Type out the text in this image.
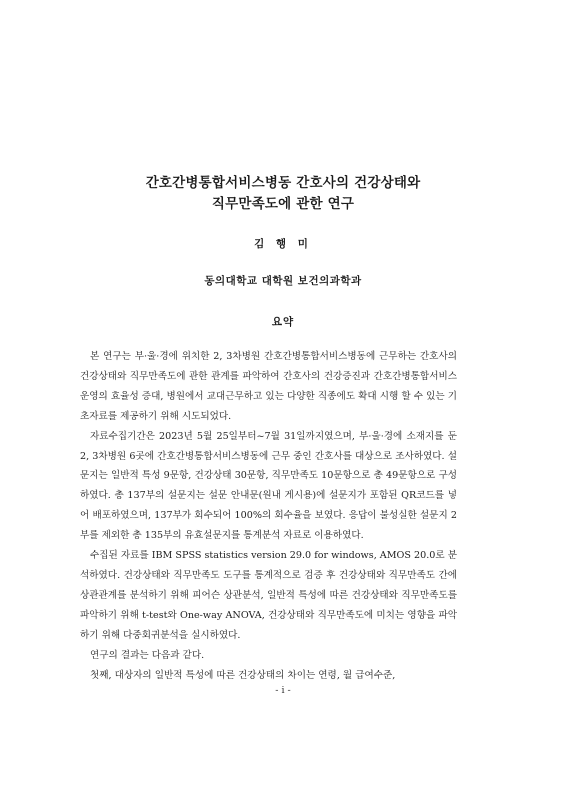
간호간병통합서비스병동 간호사의 건강상태와
직무만족도에 관한 연구
김 행 미
동의대학교 대학원 보건의과학과
요약

본 연구는 부·울·경에 위치한 2, 3차병원 간호간병통합서비스병동에 근무하는 간호사의 건강상태와 직무만족도에 관한 관계를 파악하여 간호사의 건강증진과 간호간병통합서비스운영의 효율성 증대, 병원에서 교대근무하고 있는 다양한 직종에도 확대 시행 할 수 있는 기초자료를 제공하기 위해 시도되었다.

자료수집기간은 2023년 5월 25일부터~7월 31일까지였으며, 부·울·경에 소재지를 둔 2, 3차병원 6곳에 간호간병통합서비스병동에 근무 중인 간호사를 대상으로 조사하였다. 설문지는 일반적 특성 9문항, 건강상태 30문항, 직무만족도 10문항으로 총 49문항으로 구성하였다. 총 137부의 설문지는 설문 안내문(원내 게시용)에 설문지가 포함된 QR코드를 넣어 배포하였으며, 137부가 회수되어 100%의 회수율을 보였다. 응답이 불성실한 설문지 2부를 제외한 총 135부의 유효설문지를 통계분석 자료로 이용하였다.

수집된 자료를 IBM SPSS statistics version 29.0 for windows, AMOS 20.0로 분석하였다. 건강상태와 직무만족도 도구를 통계적으로 검증 후 건강상태와 직무만족도 간에 상관관계를 분석하기 위해 피어슨 상관분석, 일반적 특성에 따른 건강상태와 직무만족도를 파악하기 위해 t-test와 One-way ANOVA, 건강상태와 직무만족도에 미치는 영향을 파악하기 위해 다중회귀분석을 실시하였다.

연구의 결과는 다음과 같다.

첫째, 대상자의 일반적 특성에 따른 건강상태의 차이는 연령, 월 급여수준,

- i -
